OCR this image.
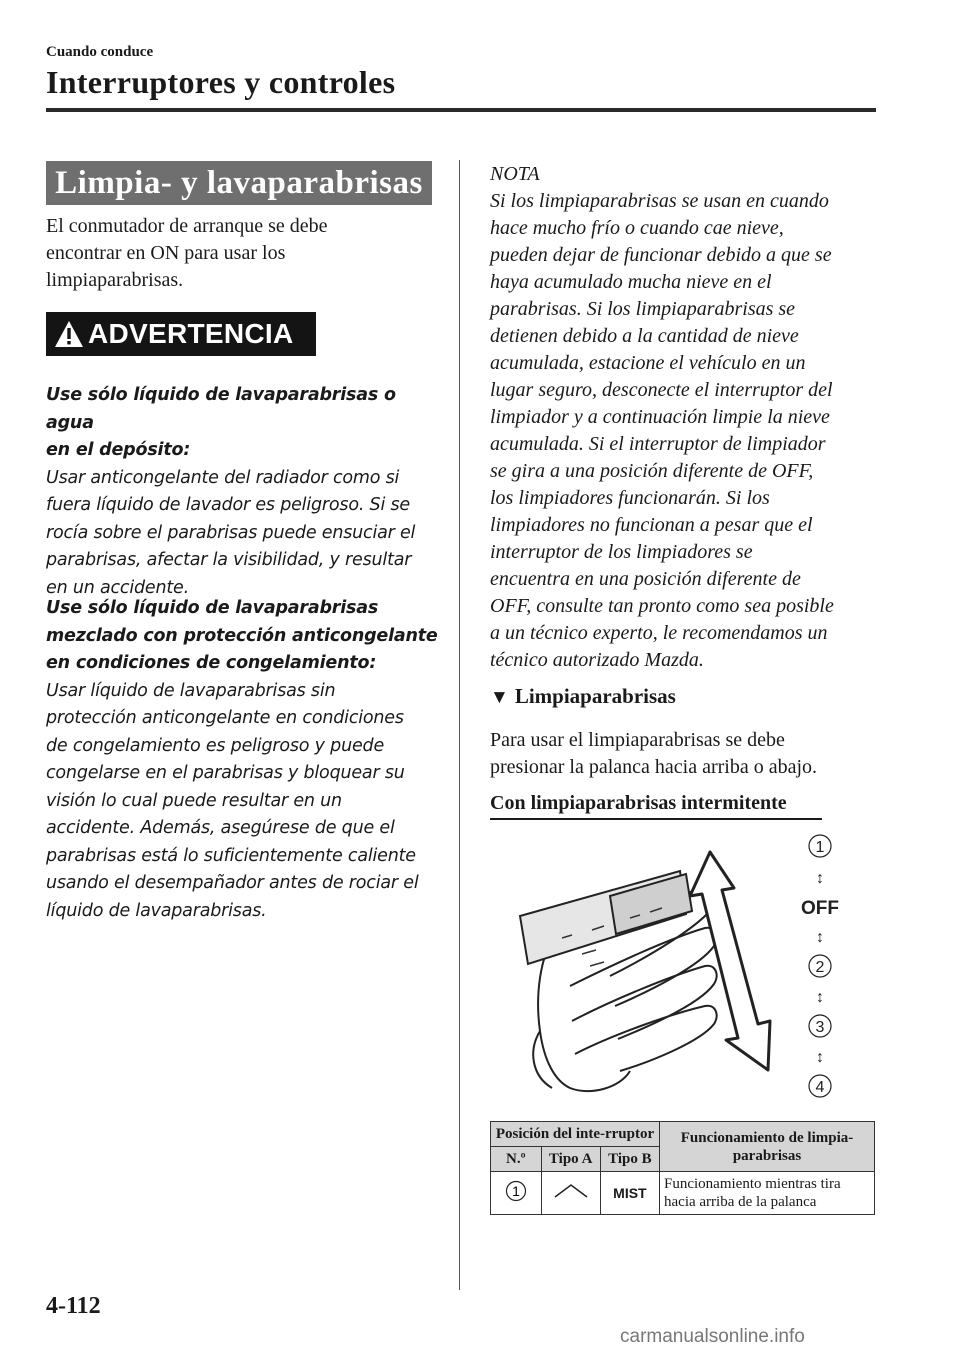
Cuando conduce
Interruptores y controles
Limpia- y lavaparabrisas
El conmutador de arranque se debe
encontrar en ON para usar los
limpiaparabrisas.
ADVERTENCIA
Use sólo líquido de lavaparabrisas o agua
en el depósito:
Usar anticongelante del radiador como si
fuera líquido de lavador es peligroso. Si se
rocía sobre el parabrisas puede ensuciar el
parabrisas, afectar la visibilidad, y resultar
en un accidente.
Use sólo líquido de lavaparabrisas
mezclado con protección anticongelante
en condiciones de congelamiento:
Usar líquido de lavaparabrisas sin
protección anticongelante en condiciones
de congelamiento es peligroso y puede
congelarse en el parabrisas y bloquear su
visión lo cual puede resultar en un
accidente. Además, asegúrese de que el
parabrisas está lo suficientemente caliente
usando el desempañador antes de rociar el
líquido de lavaparabrisas.
NOTA
Si los limpiaparabrisas se usan en cuando
hace mucho frío o cuando cae nieve,
pueden dejar de funcionar debido a que se
haya acumulado mucha nieve en el
parabrisas. Si los limpiaparabrisas se
detienen debido a la cantidad de nieve
acumulada, estacione el vehículo en un
lugar seguro, desconecte el interruptor del
limpiador y a continuación limpie la nieve
acumulada. Si el interruptor de limpiador
se gira a una posición diferente de OFF,
los limpiadores funcionarán. Si los
limpiadores no funcionan a pesar que el
interruptor de los limpiadores se
encuentra en una posición diferente de
OFF, consulte tan pronto como sea posible
a un técnico experto, le recomendamos un
técnico autorizado Mazda.
▼ Limpiaparabrisas
Para usar el limpiaparabrisas se debe
presionar la palanca hacia arriba o abajo.
Con limpiaparabrisas intermitente
1
↕
OFF
↕
2
↕
3
↕
4
Posición del inte-rruptor			Funcionamiento de limpia-parabrisas
N.º	Tipo A	Tipo B	

1		MIST	Funcionamiento mientras tira hacia arriba de la palanca
4-112
carmanualsonline.info
